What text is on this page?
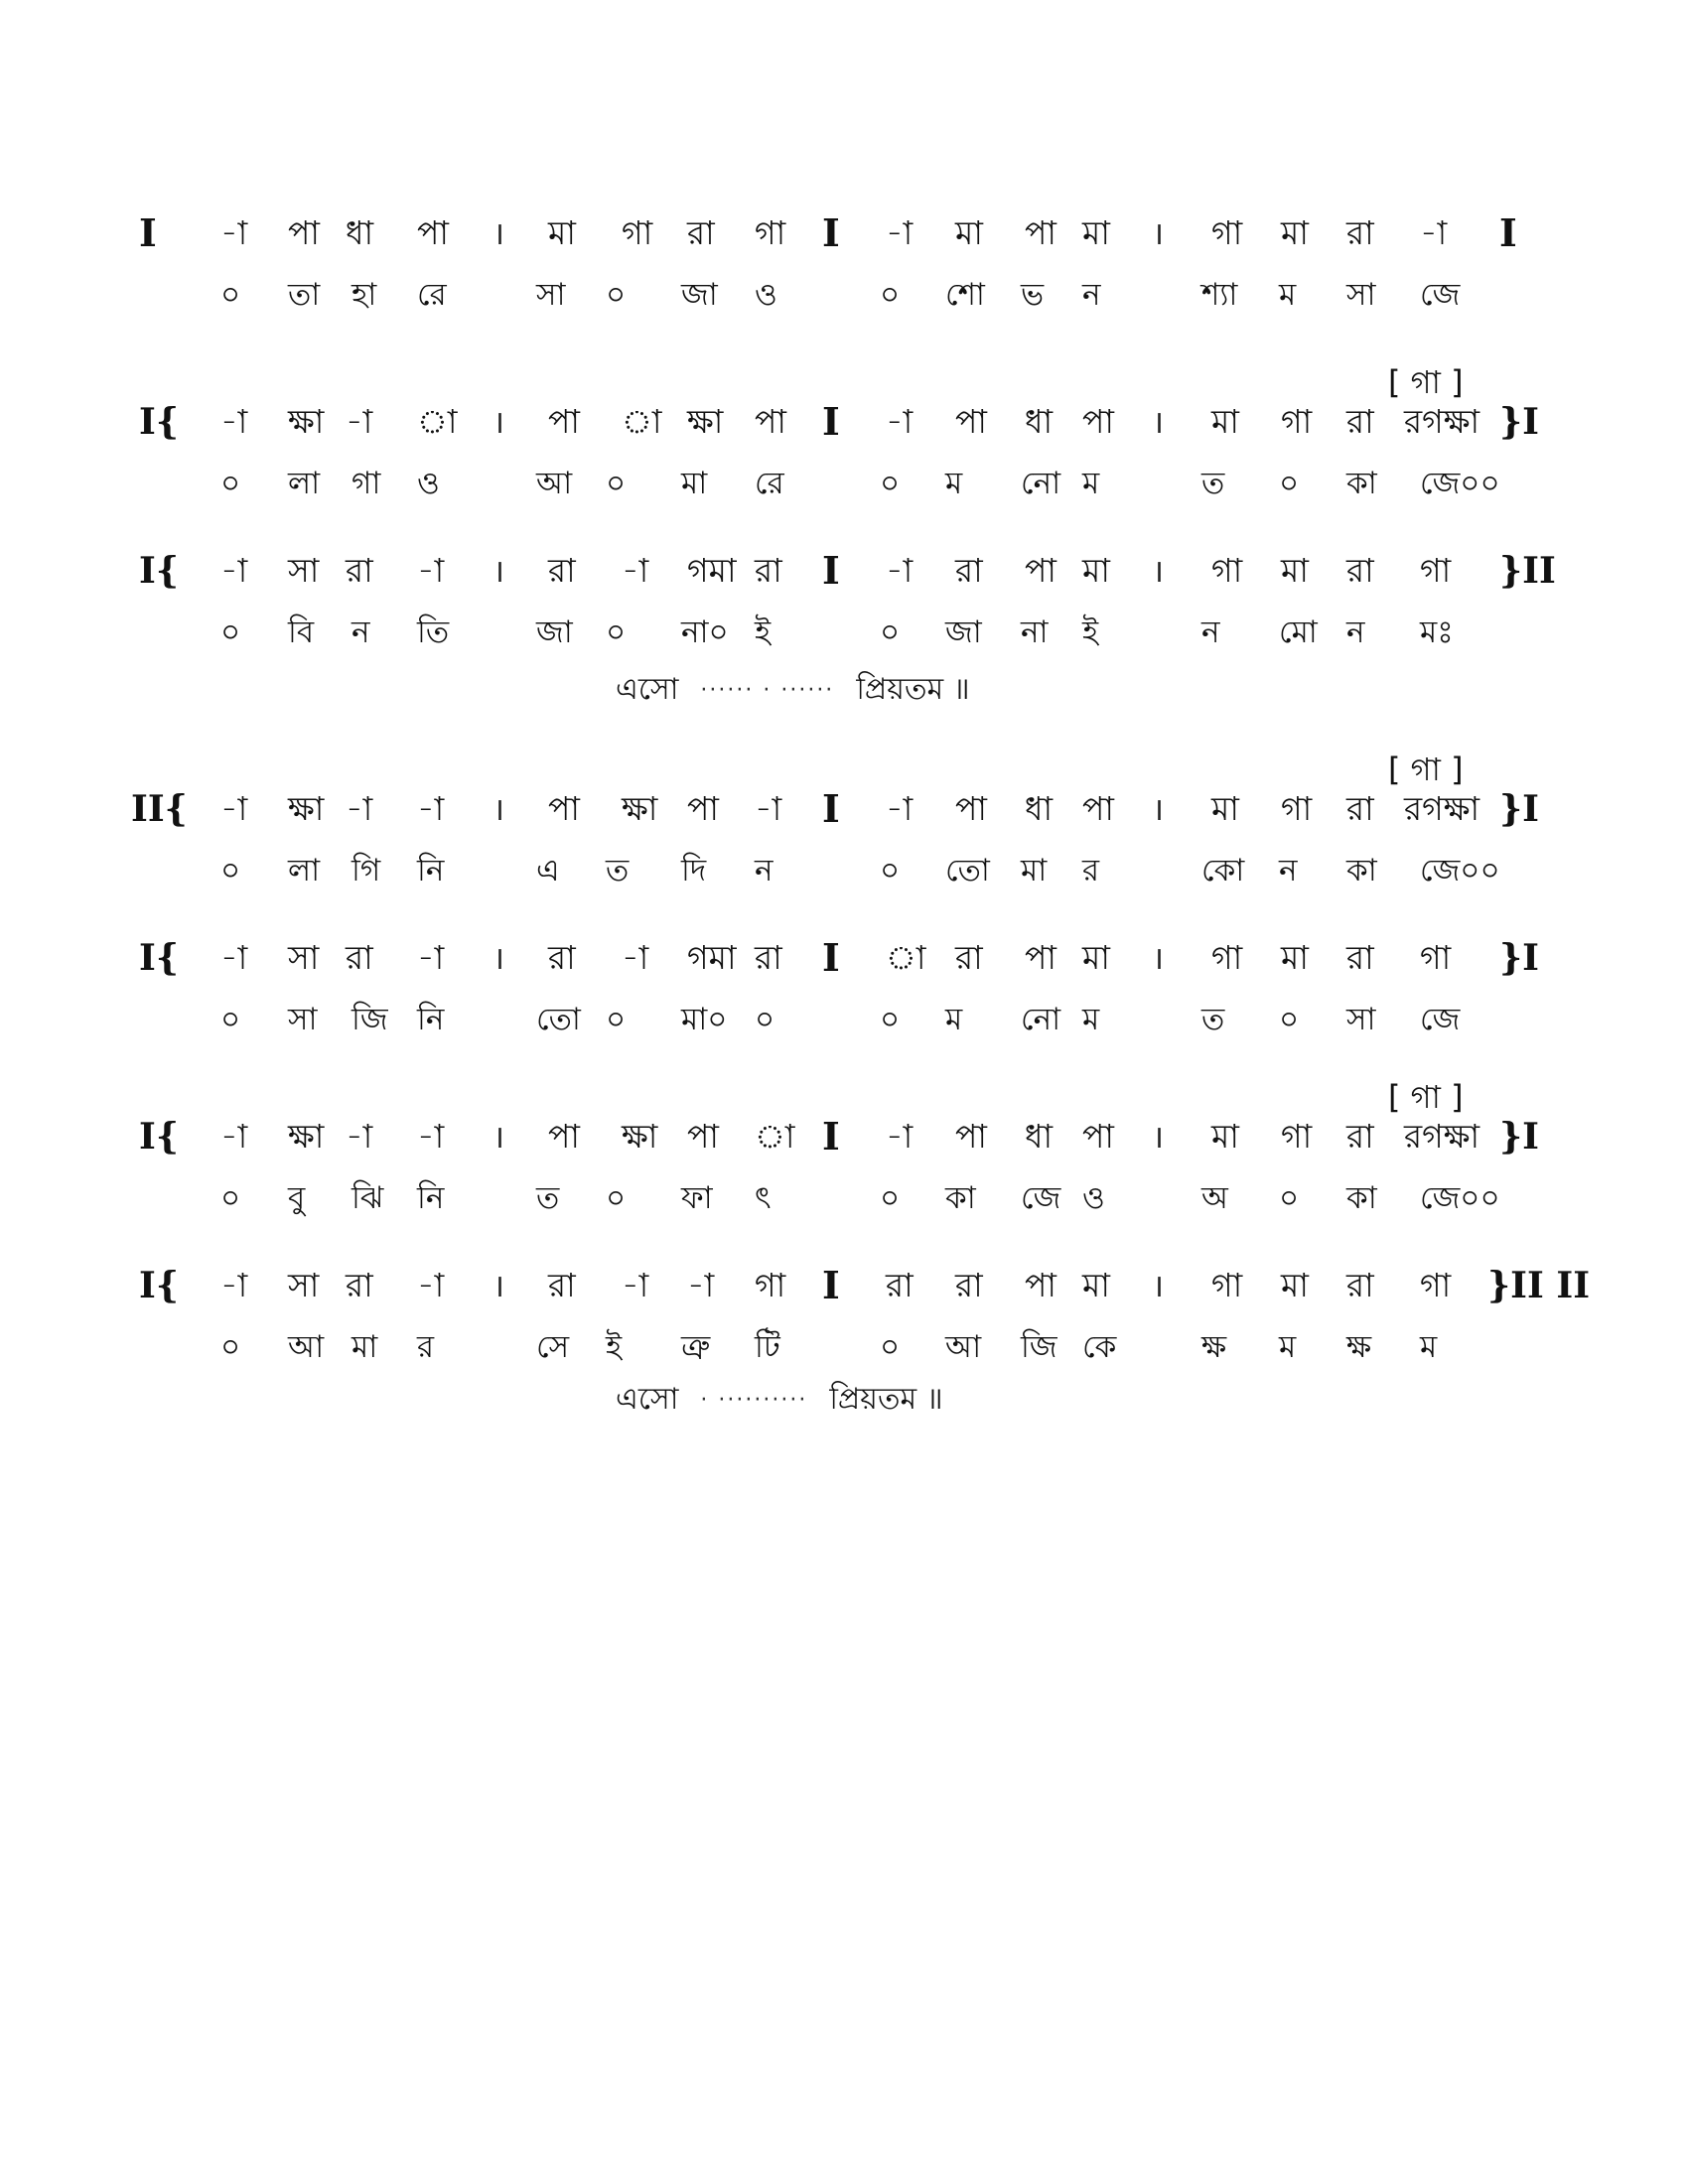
I -া পা ধা পা । মা গা রা গা I -া মা পা মা । গা মা রা -া I
০ তা হা রে	সা ০ জা ও	০ শো ভ ন	শ্যা ম সা জে
I{ -া ক্ষা -া া । পা া ক্ষা পা I -া পা ধা পা । মা গা রা রগক্ষা }I
০ লা গা ও	আ ০ মা রে	০ ম নো ম	ত ০ কা জে০০
I{ -া সা রা -া । রা -া গমা রা I -া রা পা মা । গা মা রা গা }II
০ বি ন তি	জা ০ না০ ই	০ জা না ই	ন মো ন মঃ
II{ -া ক্ষা -া -া । পা ক্ষা পা -া I -া পা ধা পা । মা গা রা রগক্ষা }I
০ লা গি নি	এ ত দি ন	০ তো মা র	কো ন কা জে০০
I{ -া সা রা -া । রা -া গমা রা I া রা পা মা । গা মা রা গা }I
০ সা জি নি	তো ০ মা০ ০	০ ম নো ম	ত ০ সা জে
I{ -া ক্ষা -া -া । পা ক্ষা পা া I -া পা ধা পা । মা গা রা রগক্ষা }I
০ বু ঝি নি	ত ০ ফা ৎ	০ কা জে ও	অ ০ কা জে০০
I{ -া সা রা -া । রা -া -া গা I রা রা পা মা । গা মা রা গা }II II
০ আ মা র	সে ই ত্রু টি	০ আ জি কে	ক্ষ ম ক্ষ ম
[ গা ]
[ গা ]
[ গা ]
এসো ······ · ······ প্রিয়তম ॥
এসো · ·········· প্রিয়তম ॥
